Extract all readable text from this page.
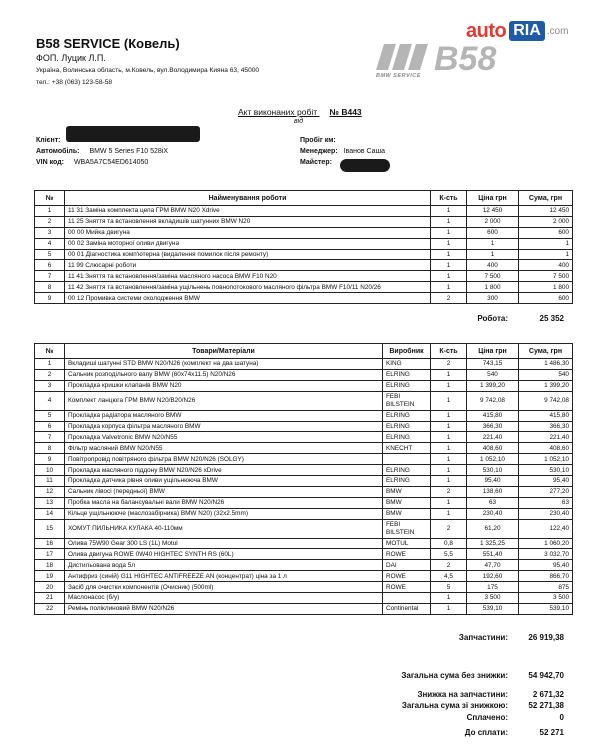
B58 SERVICE (Ковель)
ФОП. Луцик Л.П.
Україна, Волинська область, м.Ковель, вул.Володимира Кияна 63, 45000
тел.: +38 (063) 123-58-58
B58
BMW SERVICE
auto RIA .com
Акт виконаних робіт № B443
від
Клієнт:
Автомобіль: BMW 5 Series F10 528iX
VIN код: WBA5A7C54ED614050
Пробіг км:
Менеджер: Іванов Саша
Майстер:
№	Найменування роботи	К-сть	Ціна грн	Сума, грн
1	11 31 Заміна комплекта цепа ГРМ BMW N20 Xdrive	1	12 450	12 450
2	11 25 Зняття та встановлення вкладишів шатунних BMW N20	1	2 000	2 000
3	00 00 Мийка двигуна	1	600	600
4	00 02 Заміна моторної оливи двигуна	1	1	1
5	00 01 Діагностика комп'ютерна (видалення помилок після ремонту)	1	1	1
6	11 99 Слюсарні роботи	1	400	400
7	11 41 Зняття та встановлення/заміна масляного насоса BMW F10 N20	1	7 500	7 500
8	11 42 Зняття та встановлення/заміна ущільнень повнопотокового масляного фільтра BMW F10/11 N20/26	1	1 800	1 800
9	00 12 Промивка системи охолодження BMW	2	300	600
Робота:	25 352
№	Товари/Матеріали	Виробник	К-сть	Ціна грн	Сума, грн
1	Вкладиші шатунні STD BMW N20/N26 (комплект на два шатуна)	KING	2	743,15	1 486,30
2	Сальник розподільного валу BMW (60x74x11.5) N20/N26	ELRING	1	540	540
3	Прокладка кришки клапанів BMW N20	ELRING	1	1 399,20	1 399,20
4	Комплект ланцюга ГРМ BMW N20/B20/N26	FEBI BILSTEIN	1	9 742,08	9 742,08
5	Прокладка радіатора масляного BMW	ELRING	1	415,80	415,80
6	Прокладка корпуса фільтра масляного BMW	ELRING	1	366,30	366,30
7	Прокладка Valvetronic BMW N20/N55	ELRING	1	221,40	221,40
8	Фільтр масляний BMW N20/N55	KNECHT	1	408,60	408,60
9	Повітропровід повітряного фільтра BMW N20/N26 (SOLGY)		1	1 052,10	1 052,10
10	Прокладка масляного піддону BMW N20/N26 xDrive	ELRING	1	530,10	530,10
11	Прокладка датчика рівня оливи ущільнююча BMW	ELRING	1	95,40	95,40
12	Сальник лівосі (передньої) BMW	BMW	2	138,60	277,20
13	Пробка масла на балансувальні вали BMW N20/N26	BMW	1	63	63
14	Кільце ущільнююче (маслозабірника) BMW N20) (32x2.5mm)	BMW	1	230,40	230,40
15	ХОМУТ ПИЛЬНИКА КУЛАКА 40-110мм	FEBI BILSTEIN	2	61,20	122,40
16	Олива 75W90 Gear 300 LS (1L) Motul	MOTUL	0,8	1 325,25	1 060,20
17	Олива двигуна ROWE 0W40 HIGHTEC SYNTH RS (60L)	ROWE	5,5	551,40	3 032,70
18	Дистильована вода 5л	DAI	2	47,70	95,40
19	Антифриз (синій) G11 HIGHTEC ANTIFREEZE AN (концентрат) ціна за 1 л	ROWE	4,5	192,60	866,70
20	Засіб для очистки компонентів (Очисник) (500ml)	ROWE	5	175	875
21	Маслонасос (б/у)		1	3 500	3 500
22	Ремінь поліклиновий BMW N20/N26	Continental	1	539,10	539,10
Запчастини:	26 919,38
Загальна сума без знижки:	54 942,70
Знижка на запчастини:	2 671,32
Загальна сума зі знижкою:	52 271,38
Сплачено:	0
До сплати:	52 271
